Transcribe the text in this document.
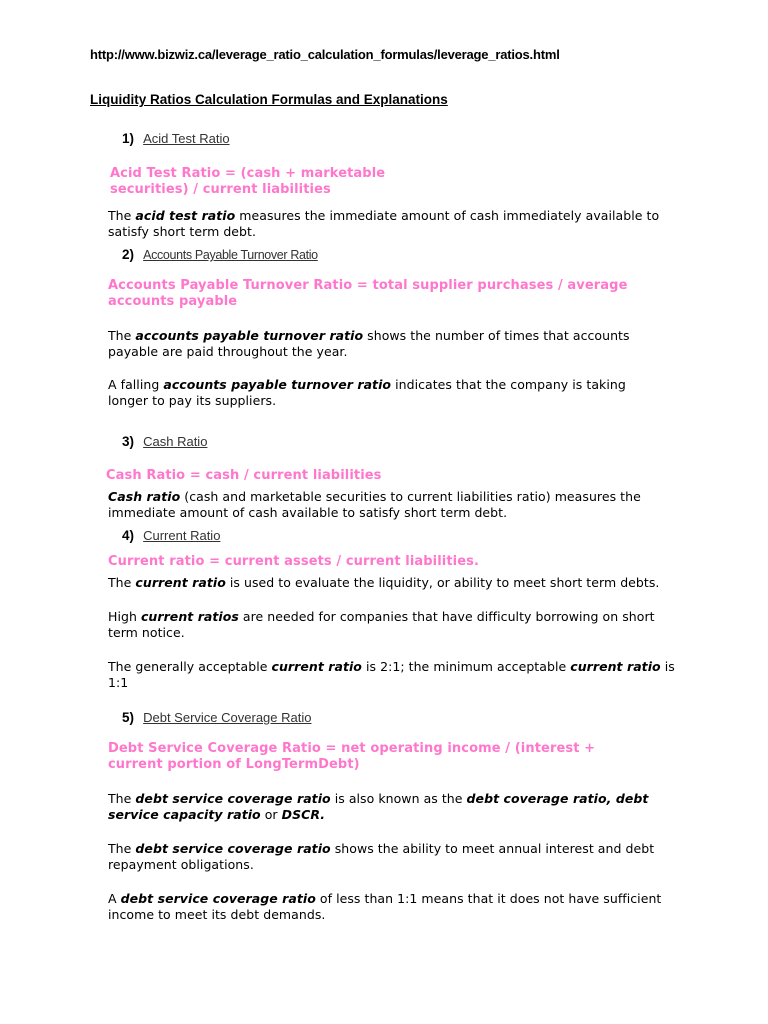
http://www.bizwiz.ca/leverage_ratio_calculation_formulas/leverage_ratios.html
Liquidity Ratios Calculation Formulas and Explanations
1) Acid Test Ratio
Acid Test Ratio = (cash + marketable securities) / current liabilities
The acid test ratio measures the immediate amount of cash immediately available to satisfy short term debt.
2) Accounts Payable Turnover Ratio
Accounts Payable Turnover Ratio = total supplier purchases / average accounts payable
The accounts payable turnover ratio shows the number of times that accounts payable are paid throughout the year.
A falling accounts payable turnover ratio indicates that the company is taking longer to pay its suppliers.
3) Cash Ratio
Cash Ratio = cash / current liabilities
Cash ratio (cash and marketable securities to current liabilities ratio) measures the immediate amount of cash available to satisfy short term debt.
4) Current Ratio
Current ratio = current assets / current liabilities.
The current ratio is used to evaluate the liquidity, or ability to meet short term debts.
High current ratios are needed for companies that have difficulty borrowing on short term notice.
The generally acceptable current ratio is 2:1; the minimum acceptable current ratio is 1:1
5) Debt Service Coverage Ratio
Debt Service Coverage Ratio = net operating income / (interest + current portion of LongTermDebt)
The debt service coverage ratio is also known as the debt coverage ratio, debt service capacity ratio or DSCR.
The debt service coverage ratio shows the ability to meet annual interest and debt repayment obligations.
A debt service coverage ratio of less than 1:1 means that it does not have sufficient income to meet its debt demands.
